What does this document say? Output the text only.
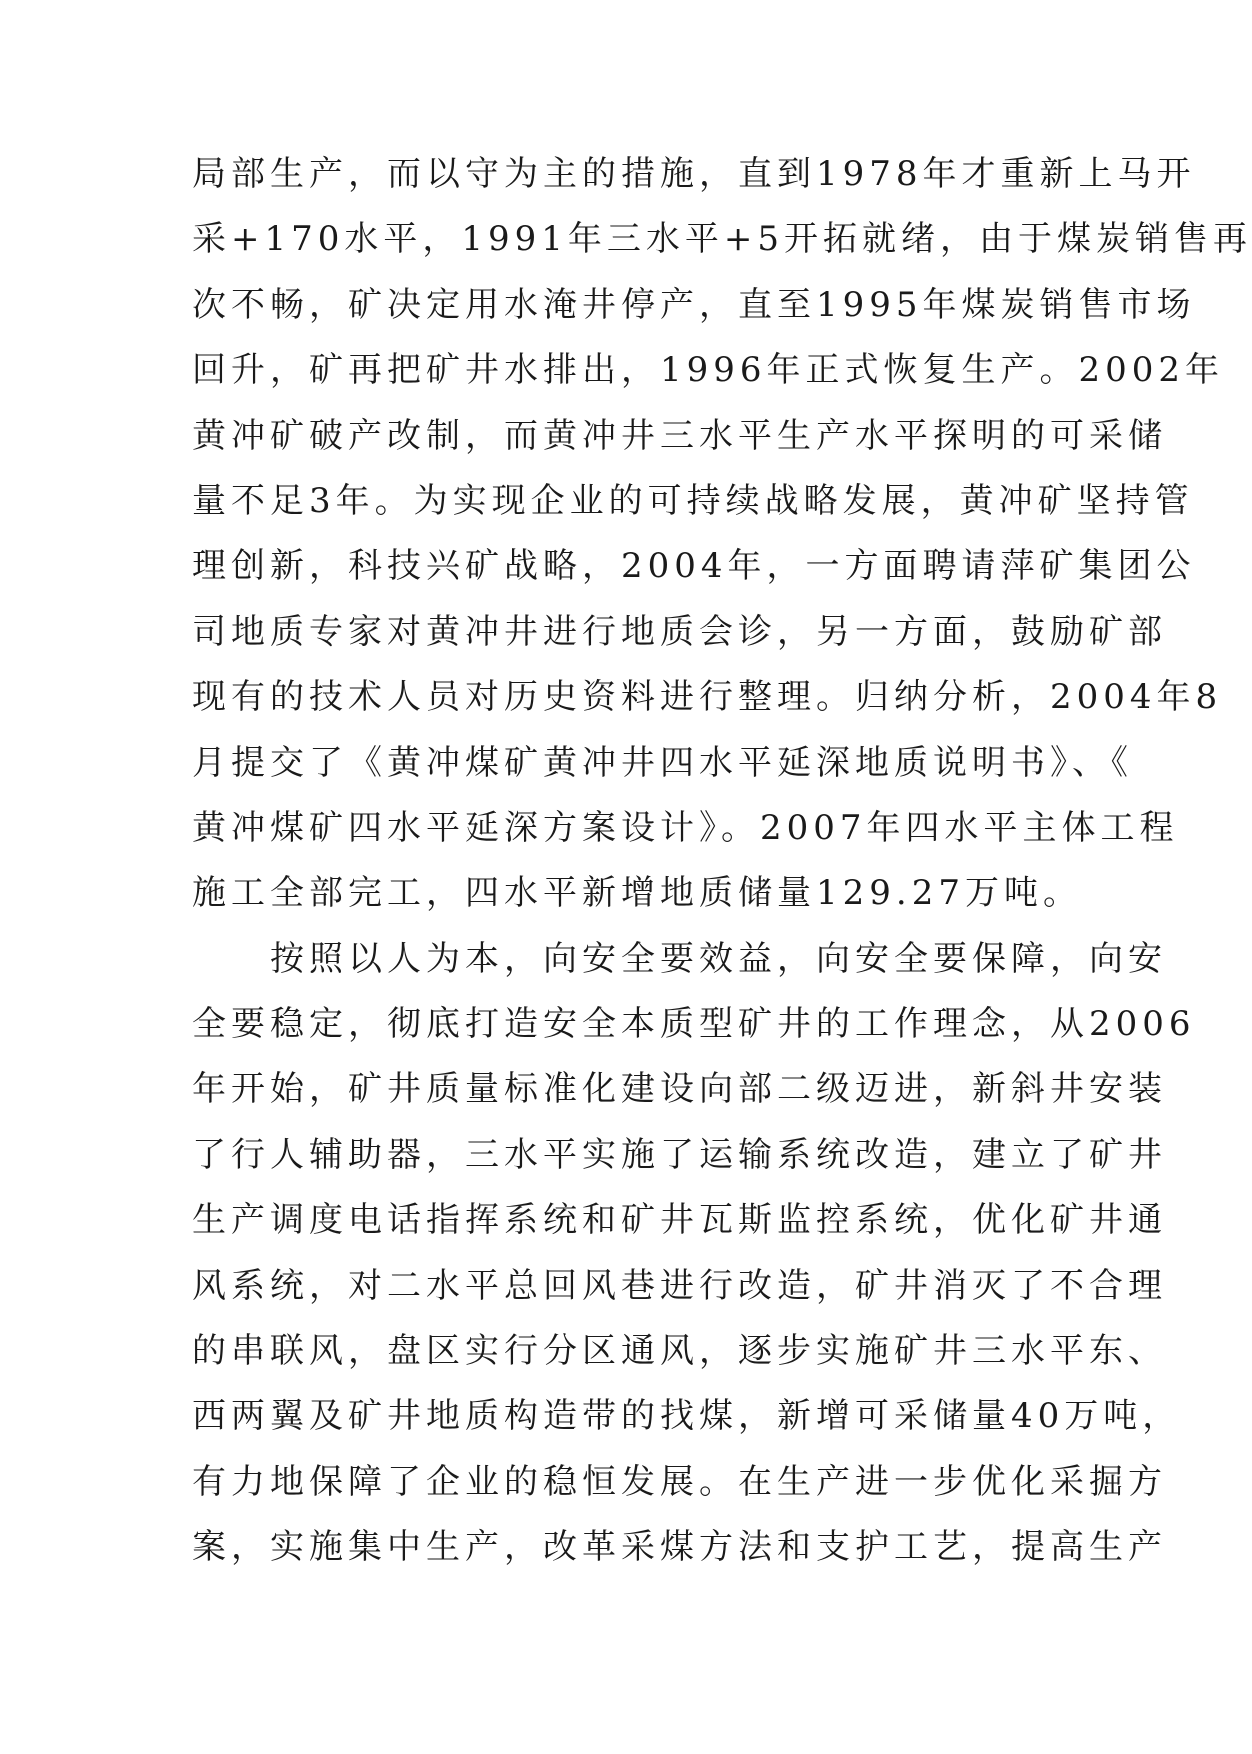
局部生产，而以守为主的措施，直到1978年才重新上马开
采+170水平，1991年三水平+5开拓就绪，由于煤炭销售再
次不畅，矿决定用水淹井停产，直至1995年煤炭销售市场
回升，矿再把矿井水排出，1996年正式恢复生产。2002年
黄冲矿破产改制，而黄冲井三水平生产水平探明的可采储
量不足3年。为实现企业的可持续战略发展，黄冲矿坚持管
理创新，科技兴矿战略，2004年，一方面聘请萍矿集团公
司地质专家对黄冲井进行地质会诊，另一方面，鼓励矿部
现有的技术人员对历史资料进行整理。归纳分析，2004年8
月提交了《黄冲煤矿黄冲井四水平延深地质说明书》、《
黄冲煤矿四水平延深方案设计》。2007年四水平主体工程
施工全部完工，四水平新增地质储量129.27万吨。
按照以人为本，向安全要效益，向安全要保障，向安
全要稳定，彻底打造安全本质型矿井的工作理念，从2006
年开始，矿井质量标准化建设向部二级迈进，新斜井安装
了行人辅助器，三水平实施了运输系统改造，建立了矿井
生产调度电话指挥系统和矿井瓦斯监控系统，优化矿井通
风系统，对二水平总回风巷进行改造，矿井消灭了不合理
的串联风，盘区实行分区通风，逐步实施矿井三水平东、
西两翼及矿井地质构造带的找煤，新增可采储量40万吨，
有力地保障了企业的稳恒发展。在生产进一步优化采掘方
案，实施集中生产，改革采煤方法和支护工艺，提高生产
